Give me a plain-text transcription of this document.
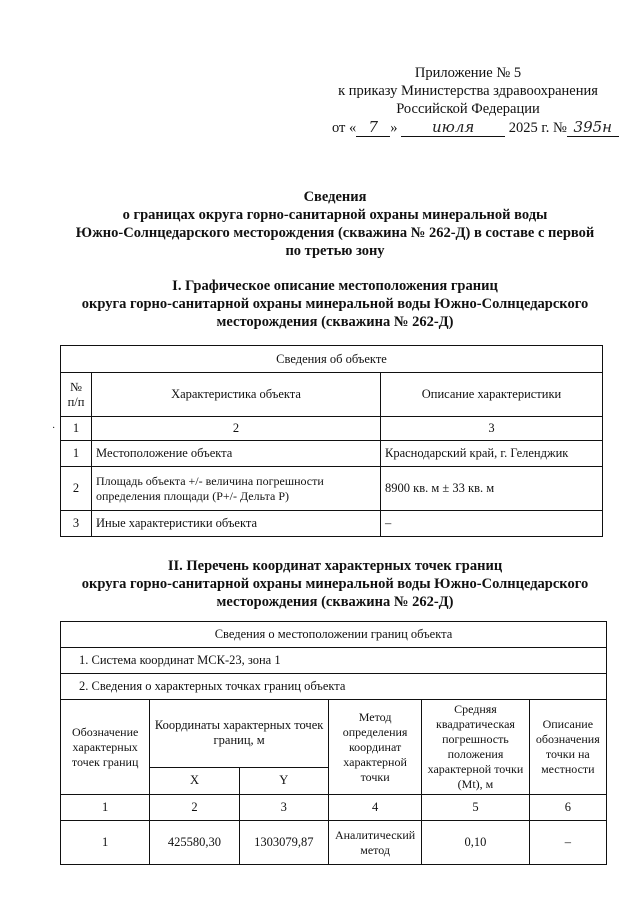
Приложение № 5
к приказу Министерства здравоохранения
Российской Федерации
от « 7 » июля 2025 г. № 395н
Сведения
о границах округа горно-санитарной охраны минеральной воды
Южно-Солнцедарского месторождения (скважина № 262-Д) в составе с первой
по третью зону
I. Графическое описание местоположения границ
округа горно-санитарной охраны минеральной воды Южно-Солнцедарского
месторождения (скважина № 262-Д)
·
Сведения об объекте		
№ п/п	Характеристика объекта	Описание характеристики
1	2	3
1	Местоположение объекта	Краснодарский край, г. Геленджик
2	Площадь объекта +/- величина погрешности определения площади (P+/- Дельта P)	8900 кв. м ± 33 кв. м
3	Иные характеристики объекта	–
II. Перечень координат характерных точек границ
округа горно-санитарной охраны минеральной воды Южно-Солнцедарского
месторождения (скважина № 262-Д)
Сведения о местоположении границ объекта					
1. Система координат МСК-23, зона 1					
2. Сведения о характерных точках границ объекта					
Обозначение характерных точек границ	Координаты характерных точек границ, м		Метод определения координат характерной точки	Средняя квадратическая погрешность положения характерной точки (Mt), м	Описание обозначения точки на местности
	X	Y			
1	2	3	4	5	6
1	425580,30	1303079,87	Аналитический метод	0,10	–
